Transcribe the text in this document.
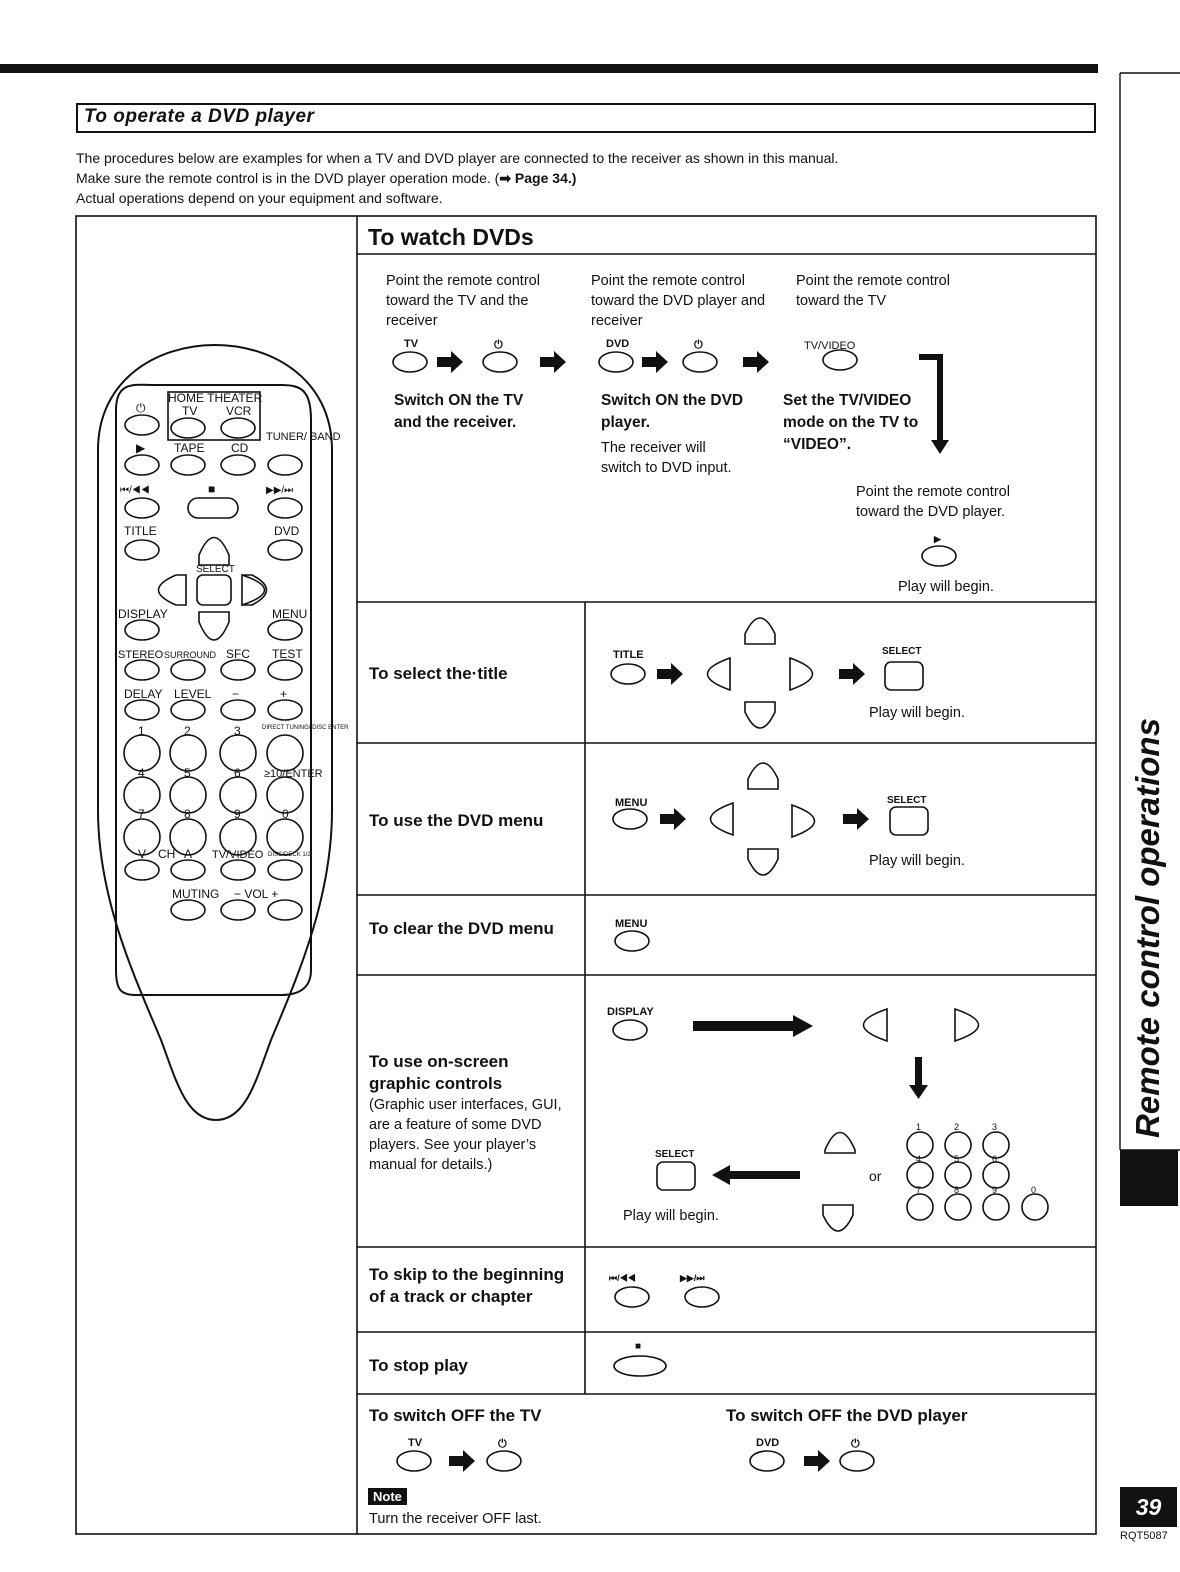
To operate a DVD player
The procedures below are examples for when a TV and DVD player are connected to the receiver as shown in this manual.
Make sure the remote control is in the DVD player operation mode. (➡ Page 34.)
Actual operations depend on your equipment and software.
HOME THEATER
TV VCR
⏻
▶ TAPE CD
TUNER/ BAND
⏮/◀◀	■	▶▶/⏭
TITLE	DVD
SELECT
DISPLAY	MENU
STEREO SURROUND SFC TEST
DELAY LEVEL −	+
DIRECT TUNING/ DISC ENTER
1	2	3
4	5	6 ≥10/ENTER
7	8	9	0
V CH Λ TV/VIDEO DISC/DECK 1/2
MUTING − VOL +
To watch DVDs
Point the remote control toward the TV and the receiver
Point the remote control toward the DVD player and receiver
Point the remote control toward the TV
Switch ON the TV and the receiver.
Switch ON the DVD player.
The receiver will switch to DVD input.
Set the TV/VIDEO mode on the TV to “VIDEO”.
Point the remote control toward the DVD player.
Play will begin.
TV	⏻	DVD	⏻	TV/VIDEO
▶
To select the·title
Play will begin.
TITLE	SELECT
To use the DVD menu
Play will begin.
MENU	SELECT
To clear the DVD menu	MENU
To use on-screen graphic controls
(Graphic user interfaces, GUI, are a feature of some DVD players. See your player’s manual for details.)
Play will begin.
DISPLAY
SELECT
1	2	3
4	5	6
7	8	9	0
or
To skip to the beginning of a track or chapter
⏮/◀◀	▶▶/⏭
To stop play
■
To switch OFF the TV	To switch OFF the DVD player
TV	⏻	DVD	⏻
Note
Turn the receiver OFF last.
Remote control operations
39
RQT5087
